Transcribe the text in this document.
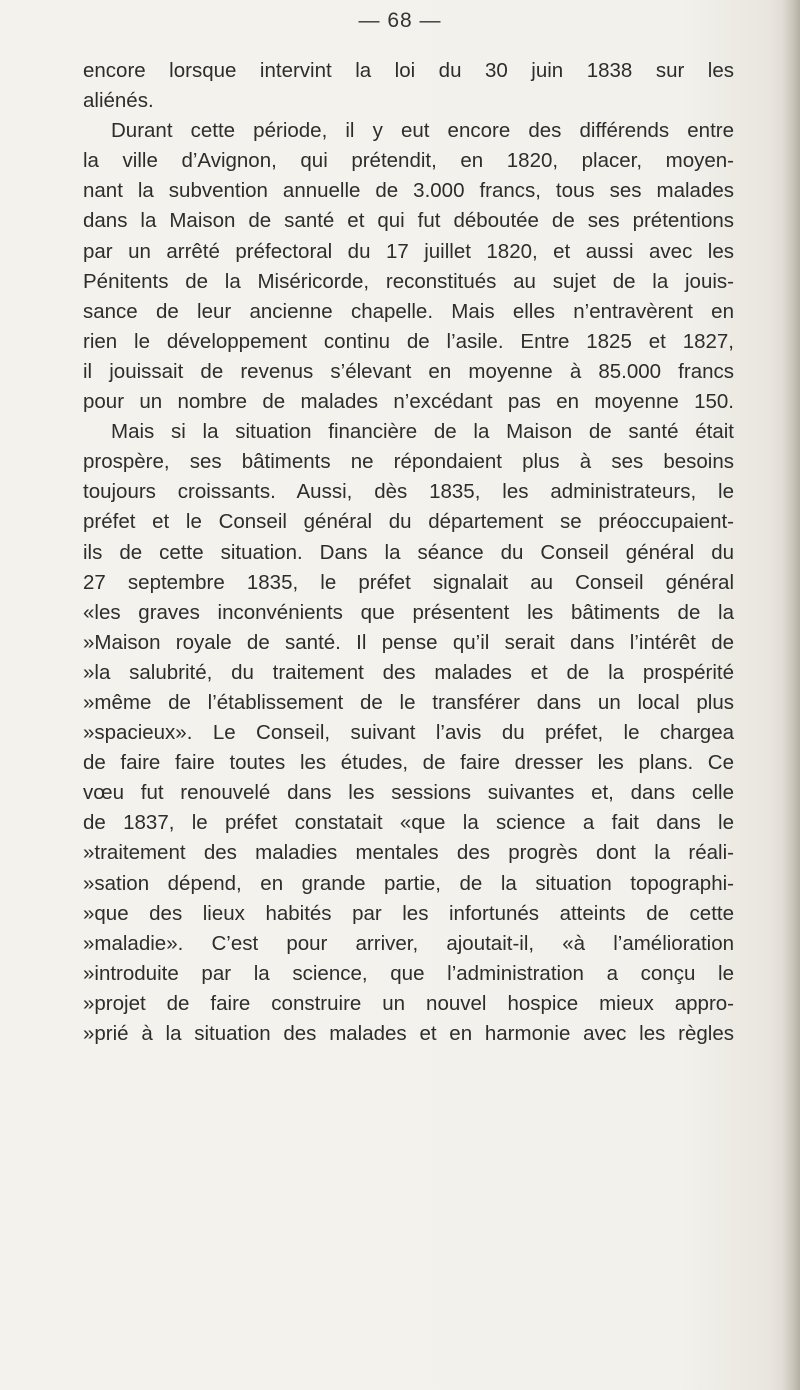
— 68 —
encore lorsque intervint la loi du 30 juin 1838 sur les
aliénés.
Durant cette période, il y eut encore des différends entre
la ville d’Avignon, qui prétendit, en 1820, placer, moyen-
nant la subvention annuelle de 3.000 francs, tous ses malades
dans la Maison de santé et qui fut déboutée de ses prétentions
par un arrêté préfectoral du 17 juillet 1820, et aussi avec les
Pénitents de la Miséricorde, reconstitués au sujet de la jouis-
sance de leur ancienne chapelle. Mais elles n’entravèrent en
rien le développement continu de l’asile. Entre 1825 et 1827,
il jouissait de revenus s’élevant en moyenne à 85.000 francs
pour un nombre de malades n’excédant pas en moyenne 150.
Mais si la situation financière de la Maison de santé était
prospère, ses bâtiments ne répondaient plus à ses besoins
toujours croissants. Aussi, dès 1835, les administrateurs, le
préfet et le Conseil général du département se préoccupaient-
ils de cette situation. Dans la séance du Conseil général du
27 septembre 1835, le préfet signalait au Conseil général
«les graves inconvénients que présentent les bâtiments de la
»Maison royale de santé. Il pense qu’il serait dans l’intérêt de
»la salubrité, du traitement des malades et de la prospérité
»même de l’établissement de le transférer dans un local plus
»spacieux». Le Conseil, suivant l’avis du préfet, le chargea
de faire faire toutes les études, de faire dresser les plans. Ce
vœu fut renouvelé dans les sessions suivantes et, dans celle
de 1837, le préfet constatait «que la science a fait dans le
»traitement des maladies mentales des progrès dont la réali-
»sation dépend, en grande partie, de la situation topographi-
»que des lieux habités par les infortunés atteints de cette
»maladie». C’est pour arriver, ajoutait-il, «à l’amélioration
»introduite par la science, que l’administration a conçu le
»projet de faire construire un nouvel hospice mieux appro-
»prié à la situation des malades et en harmonie avec les règles
